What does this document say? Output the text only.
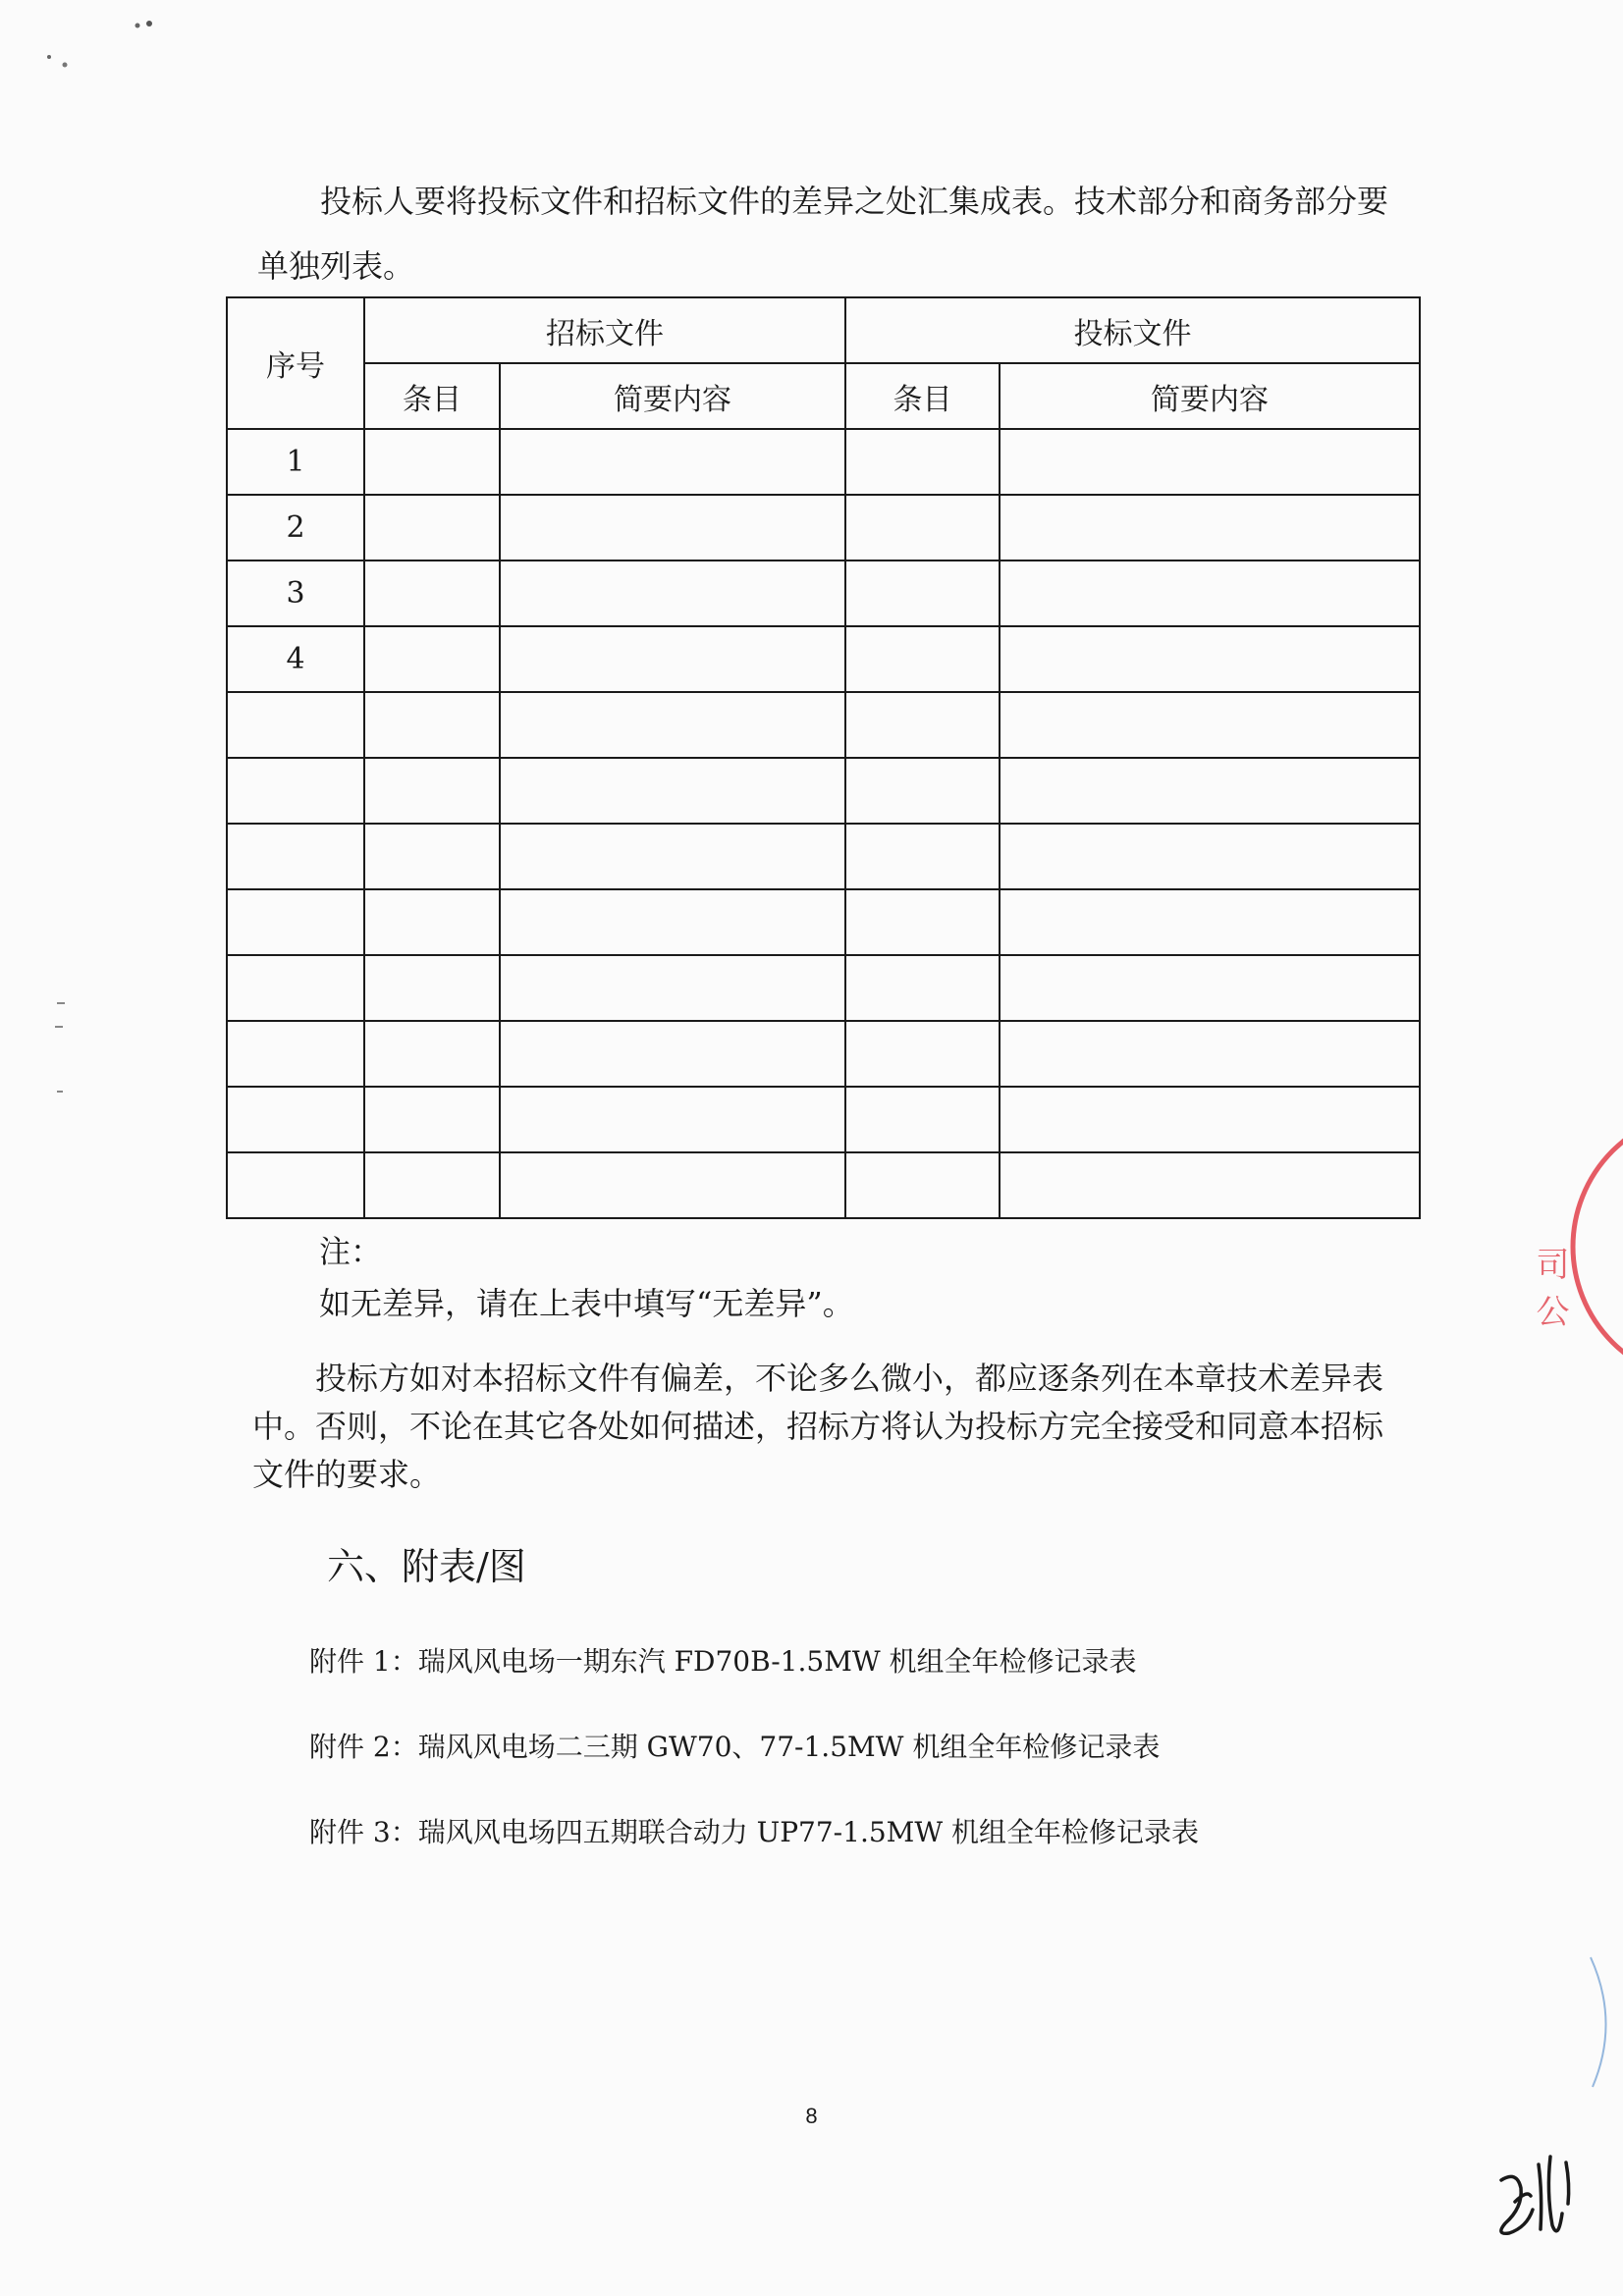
投标人要将投标文件和招标文件的差异之处汇集成表。技术部分和商务部分要单独列表。

序号	招标文件		投标文件	
	条目	简要内容	条目	简要内容
1				
2				
3				
4				

注：
如无差异，请在上表中填写“无差异”。

投标方如对本招标文件有偏差，不论多么微小，都应逐条列在本章技术差异表中。否则，不论在其它各处如何描述，招标方将认为投标方完全接受和同意本招标文件的要求。

六、附表/图
附件 1：瑞风风电场一期东汽 FD70B-1.5MW 机组全年检修记录表
附件 2：瑞风风电场二三期 GW70、77-1.5MW 机组全年检修记录表
附件 3：瑞风风电场四五期联合动力 UP77-1.5MW 机组全年检修记录表
8
司公
